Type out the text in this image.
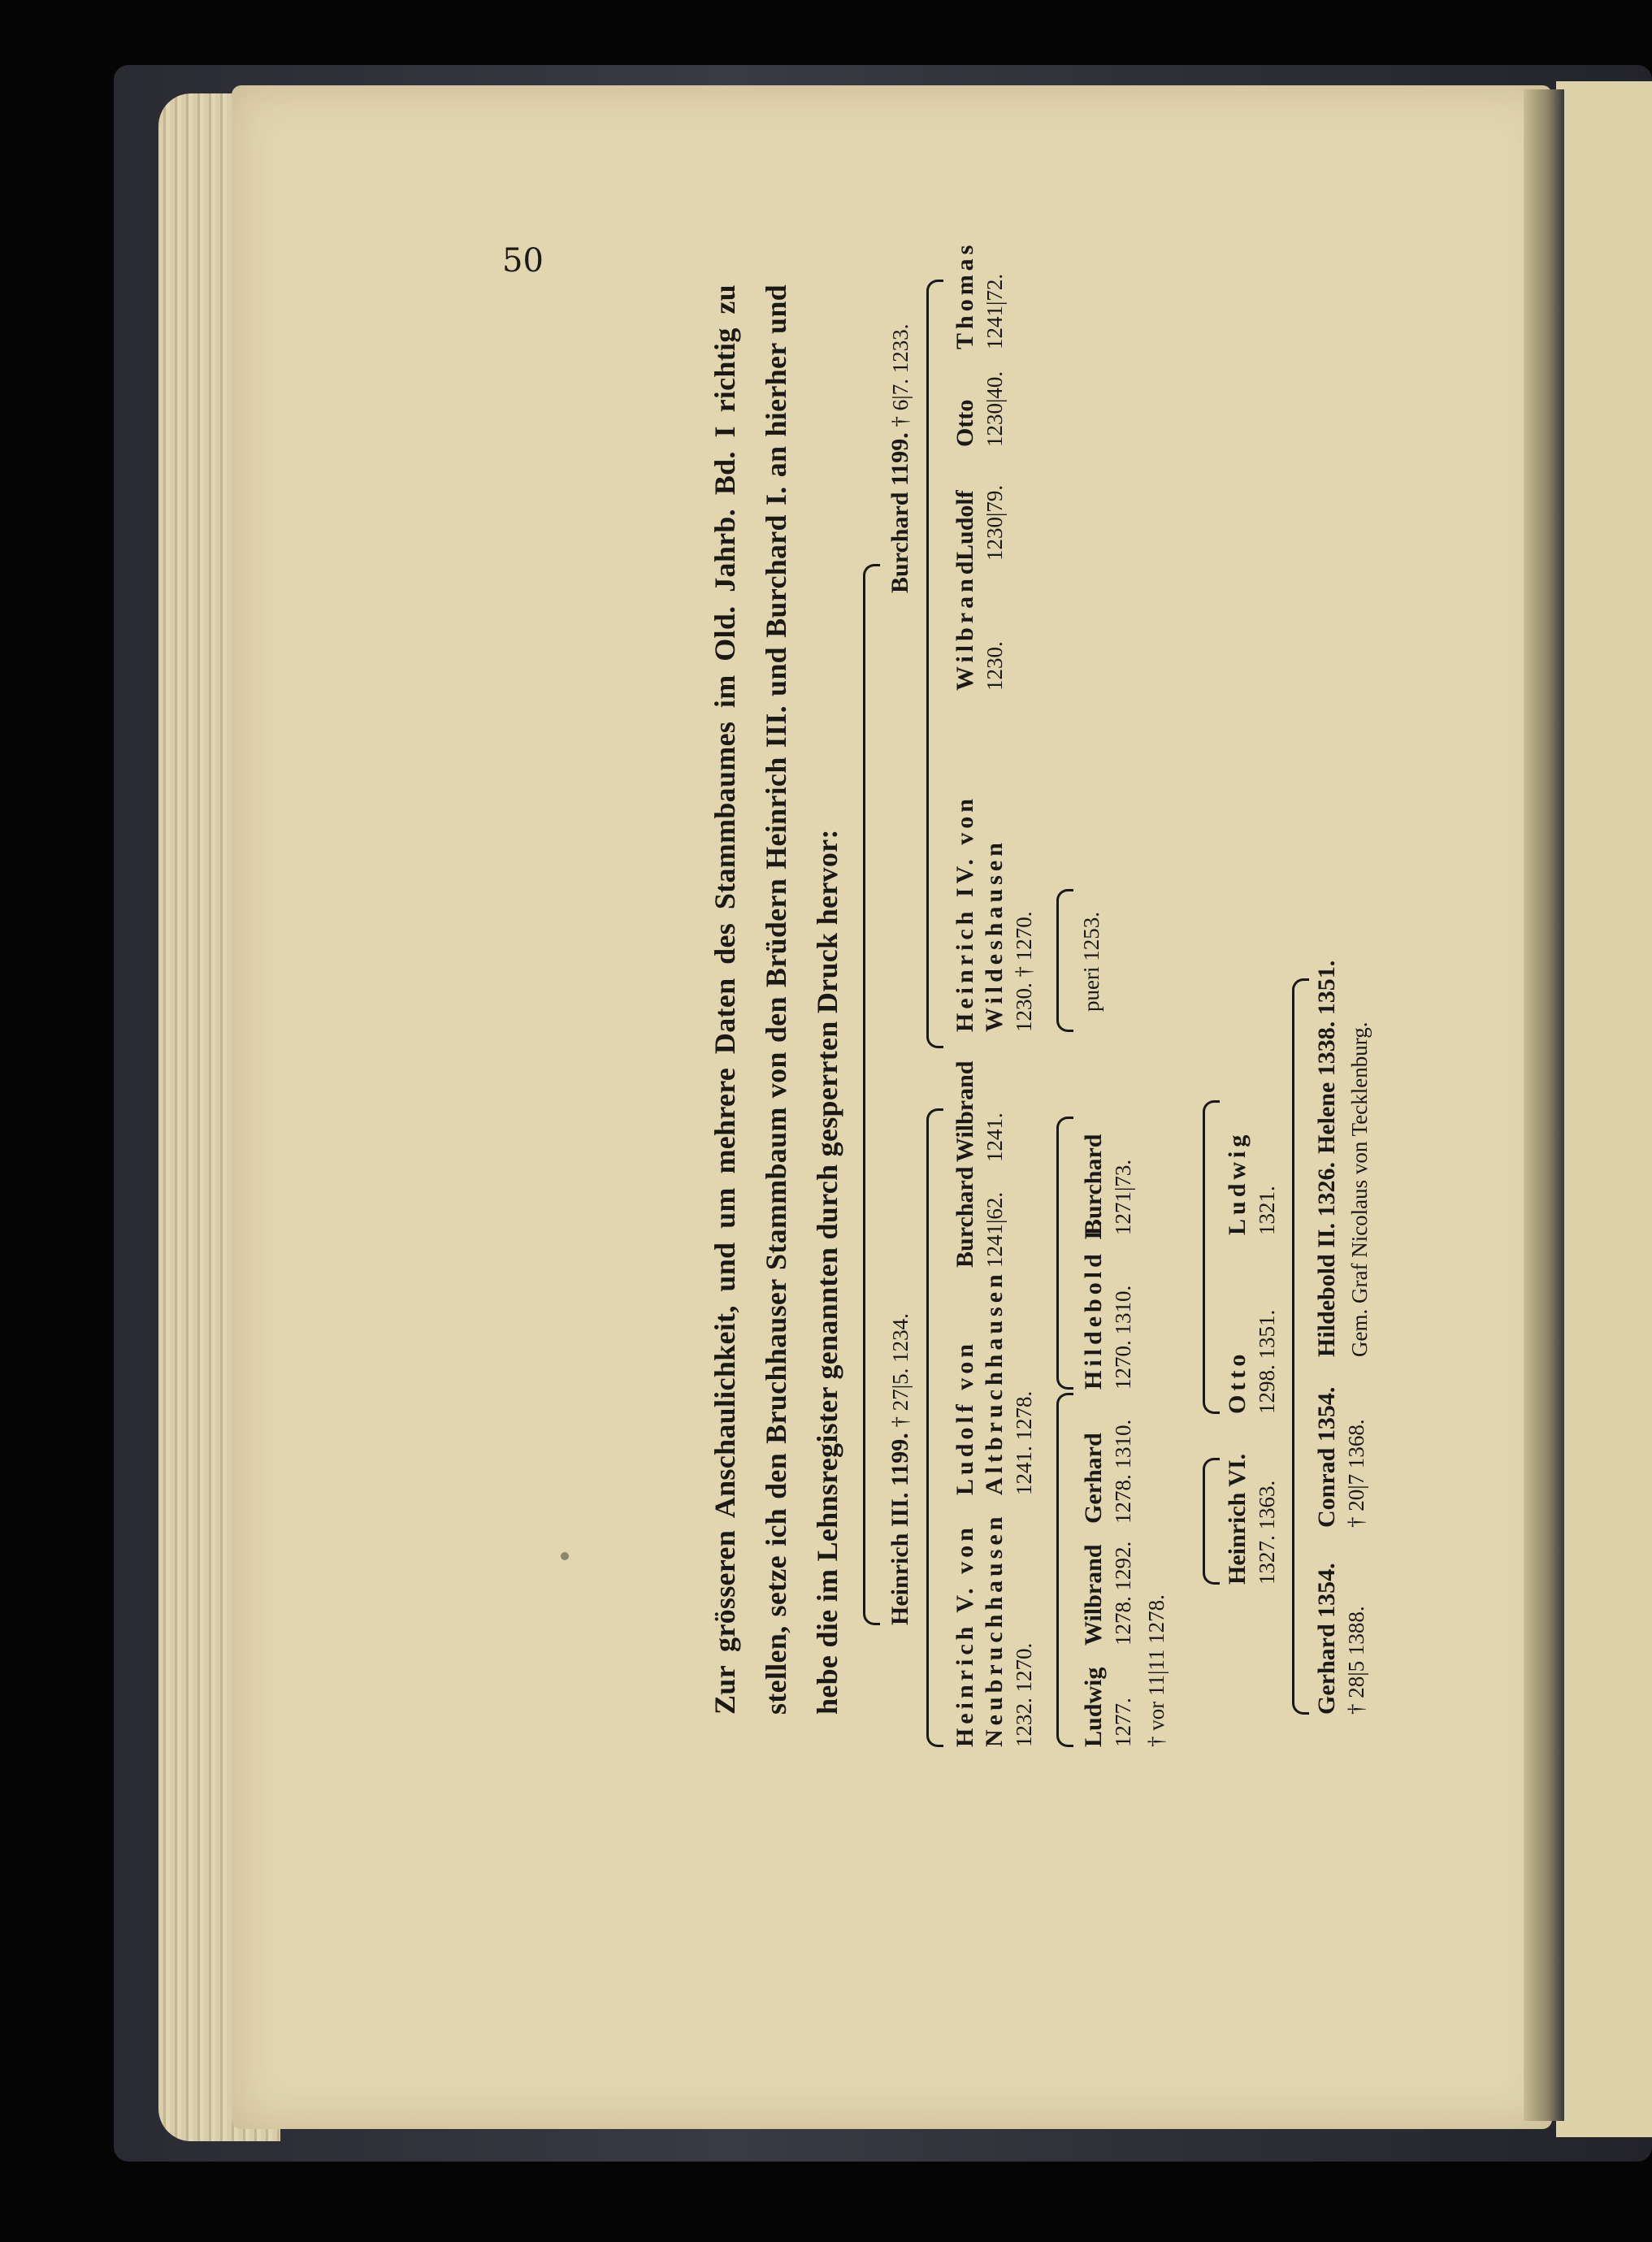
50

Zur grösseren Anschaulichkeit, und um mehrere Daten des Stammbaumes im Old. Jahrb. Bd. I richtig zu stellen, setze ich den Bruchhauser Stammbaum von den Brüdern Heinrich III. und Burchard I. an hierher und hebe die im Lehnsregister genannten durch gesperrten Druck hervor:	Heinrich III. 1199. † 27|5. 1234.
Burchard 1199. † 6|7. 1233.
Heinrich V. von Neubruchhausen 1232. 1270.
Ludolf von Altbruchhausen 1241. 1278.
Burchard 1241|62.
Wilbrand 1241.
Heinrich IV. von Wildeshausen 1230. † 1270.
Wilbrand 1230.
Ludolf 1230|79.
Otto 1230|40.
Thomas 1241|72.
pueri 1253.
Ludwig 1277.
Wilbrand 1278. 1292.
Gerhard 1278. 1310.
† vor 11|11 1278.
Hildebold I. 1270. 1310.
Burchard 1271|73.
Heinrich VI. 1327. 1363.
Otto 1298. 1351.
Ludwig 1321.
Gerhard 1354. † 28|5 1388.
Conrad 1354. † 20|7 1368.
Hildebold II. 1326.
Helene 1338. 1351. Gem. Graf Nicolaus von Tecklenburg.
